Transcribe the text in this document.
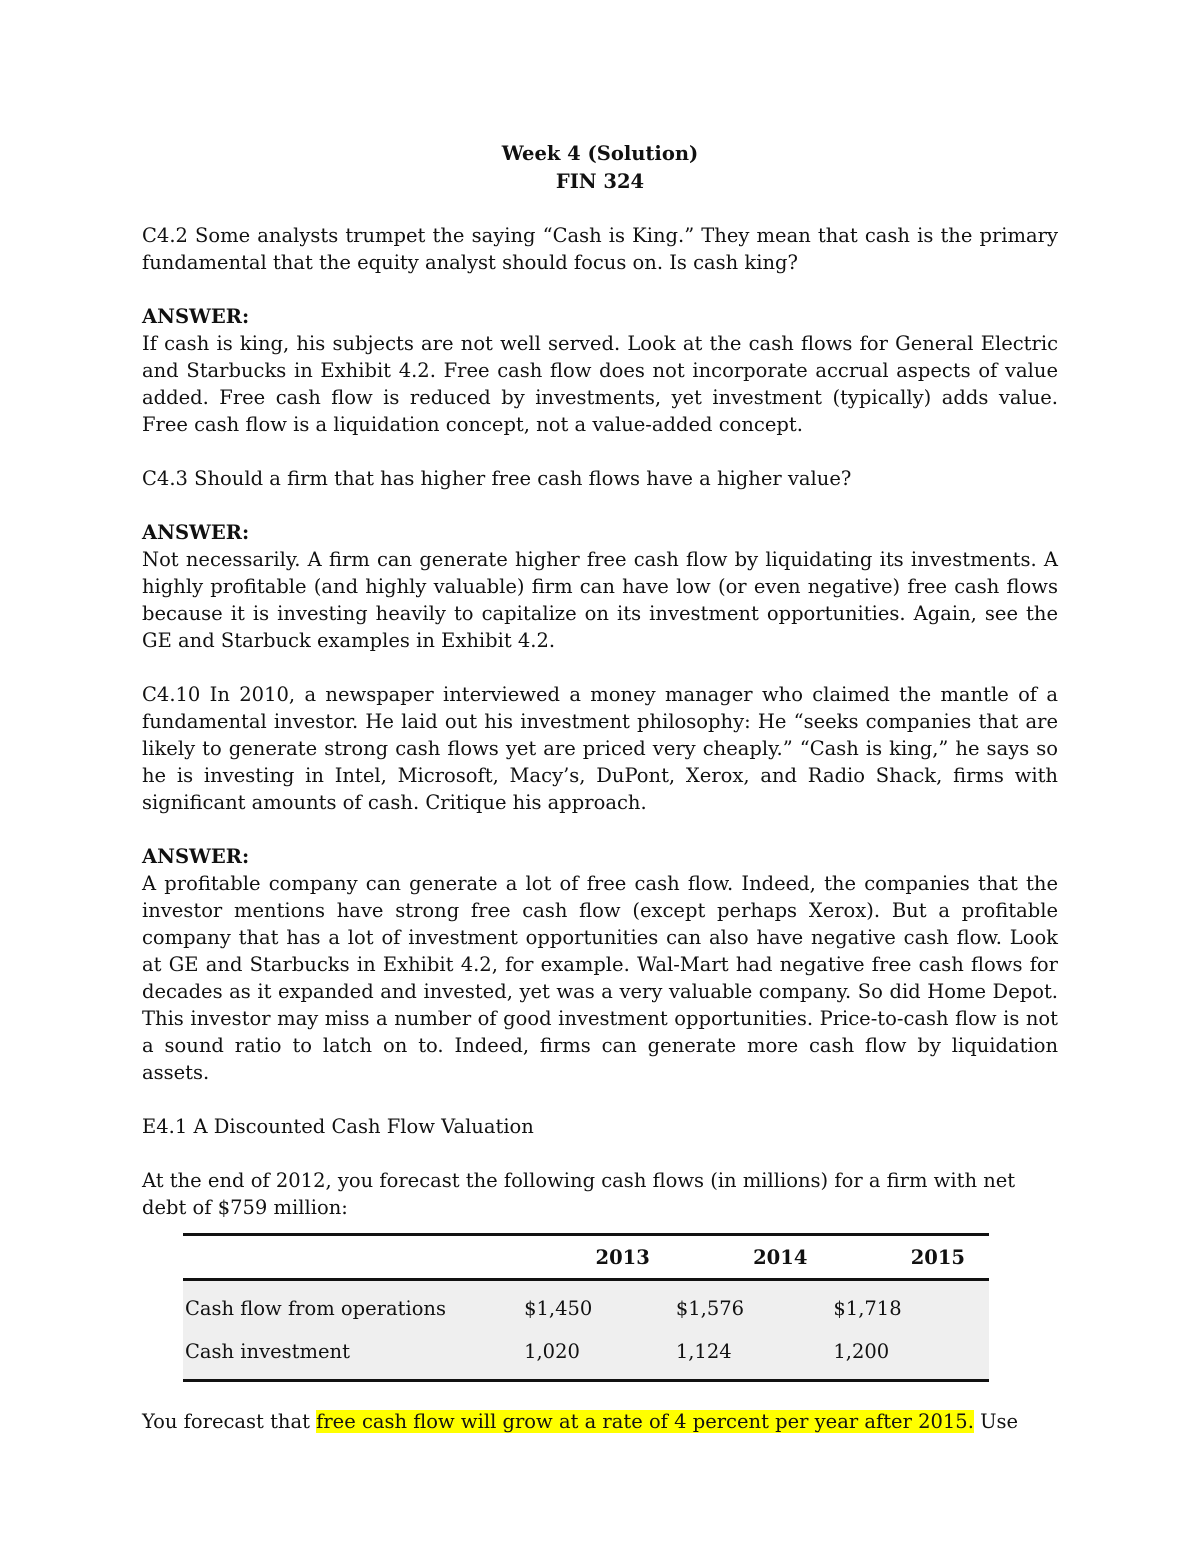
Week 4 (Solution)

FIN 324

C4.2 Some analysts trumpet the saying “Cash is King.” They mean that cash is the primary fundamental that the equity analyst should focus on. Is cash king?

ANSWER:

If cash is king, his subjects are not well served. Look at the cash flows for General Electric and Starbucks in Exhibit 4.2. Free cash flow does not incorporate accrual aspects of value added. Free cash flow is reduced by investments, yet investment (typically) adds value. Free cash flow is a liquidation concept, not a value-added concept.

C4.3 Should a firm that has higher free cash flows have a higher value?

ANSWER:

Not necessarily. A firm can generate higher free cash flow by liquidating its investments. A highly profitable (and highly valuable) firm can have low (or even negative) free cash flows because it is investing heavily to capitalize on its investment opportunities. Again, see the GE and Starbuck examples in Exhibit 4.2.

C4.10 In 2010, a newspaper interviewed a money manager who claimed the mantle of a fundamental investor. He laid out his investment philosophy: He “seeks companies that are likely to generate strong cash flows yet are priced very cheaply.” “Cash is king,” he says so he is investing in Intel, Microsoft, Macy’s, DuPont, Xerox, and Radio Shack, firms with significant amounts of cash. Critique his approach.

ANSWER:

A profitable company can generate a lot of free cash flow. Indeed, the companies that the investor mentions have strong free cash flow (except perhaps Xerox). But a profitable company that has a lot of investment opportunities can also have negative cash flow. Look at GE and Starbucks in Exhibit 4.2, for example. Wal-Mart had negative free cash flows for decades as it expanded and invested, yet was a very valuable company. So did Home Depot. This investor may miss a number of good investment opportunities. Price-to-cash flow is not a sound ratio to latch on to. Indeed, firms can generate more cash flow by liquidation assets.

E4.1 A Discounted Cash Flow Valuation

At the end of 2012, you forecast the following cash flows (in millions) for a firm with net debt of $759 million:

	2013	2014	2015
Cash flow from operations	$1,450	$1,576	$1,718
Cash investment	1,020	1,124	1,200

You forecast that free cash flow will grow at a rate of 4 percent per year after 2015. Use
